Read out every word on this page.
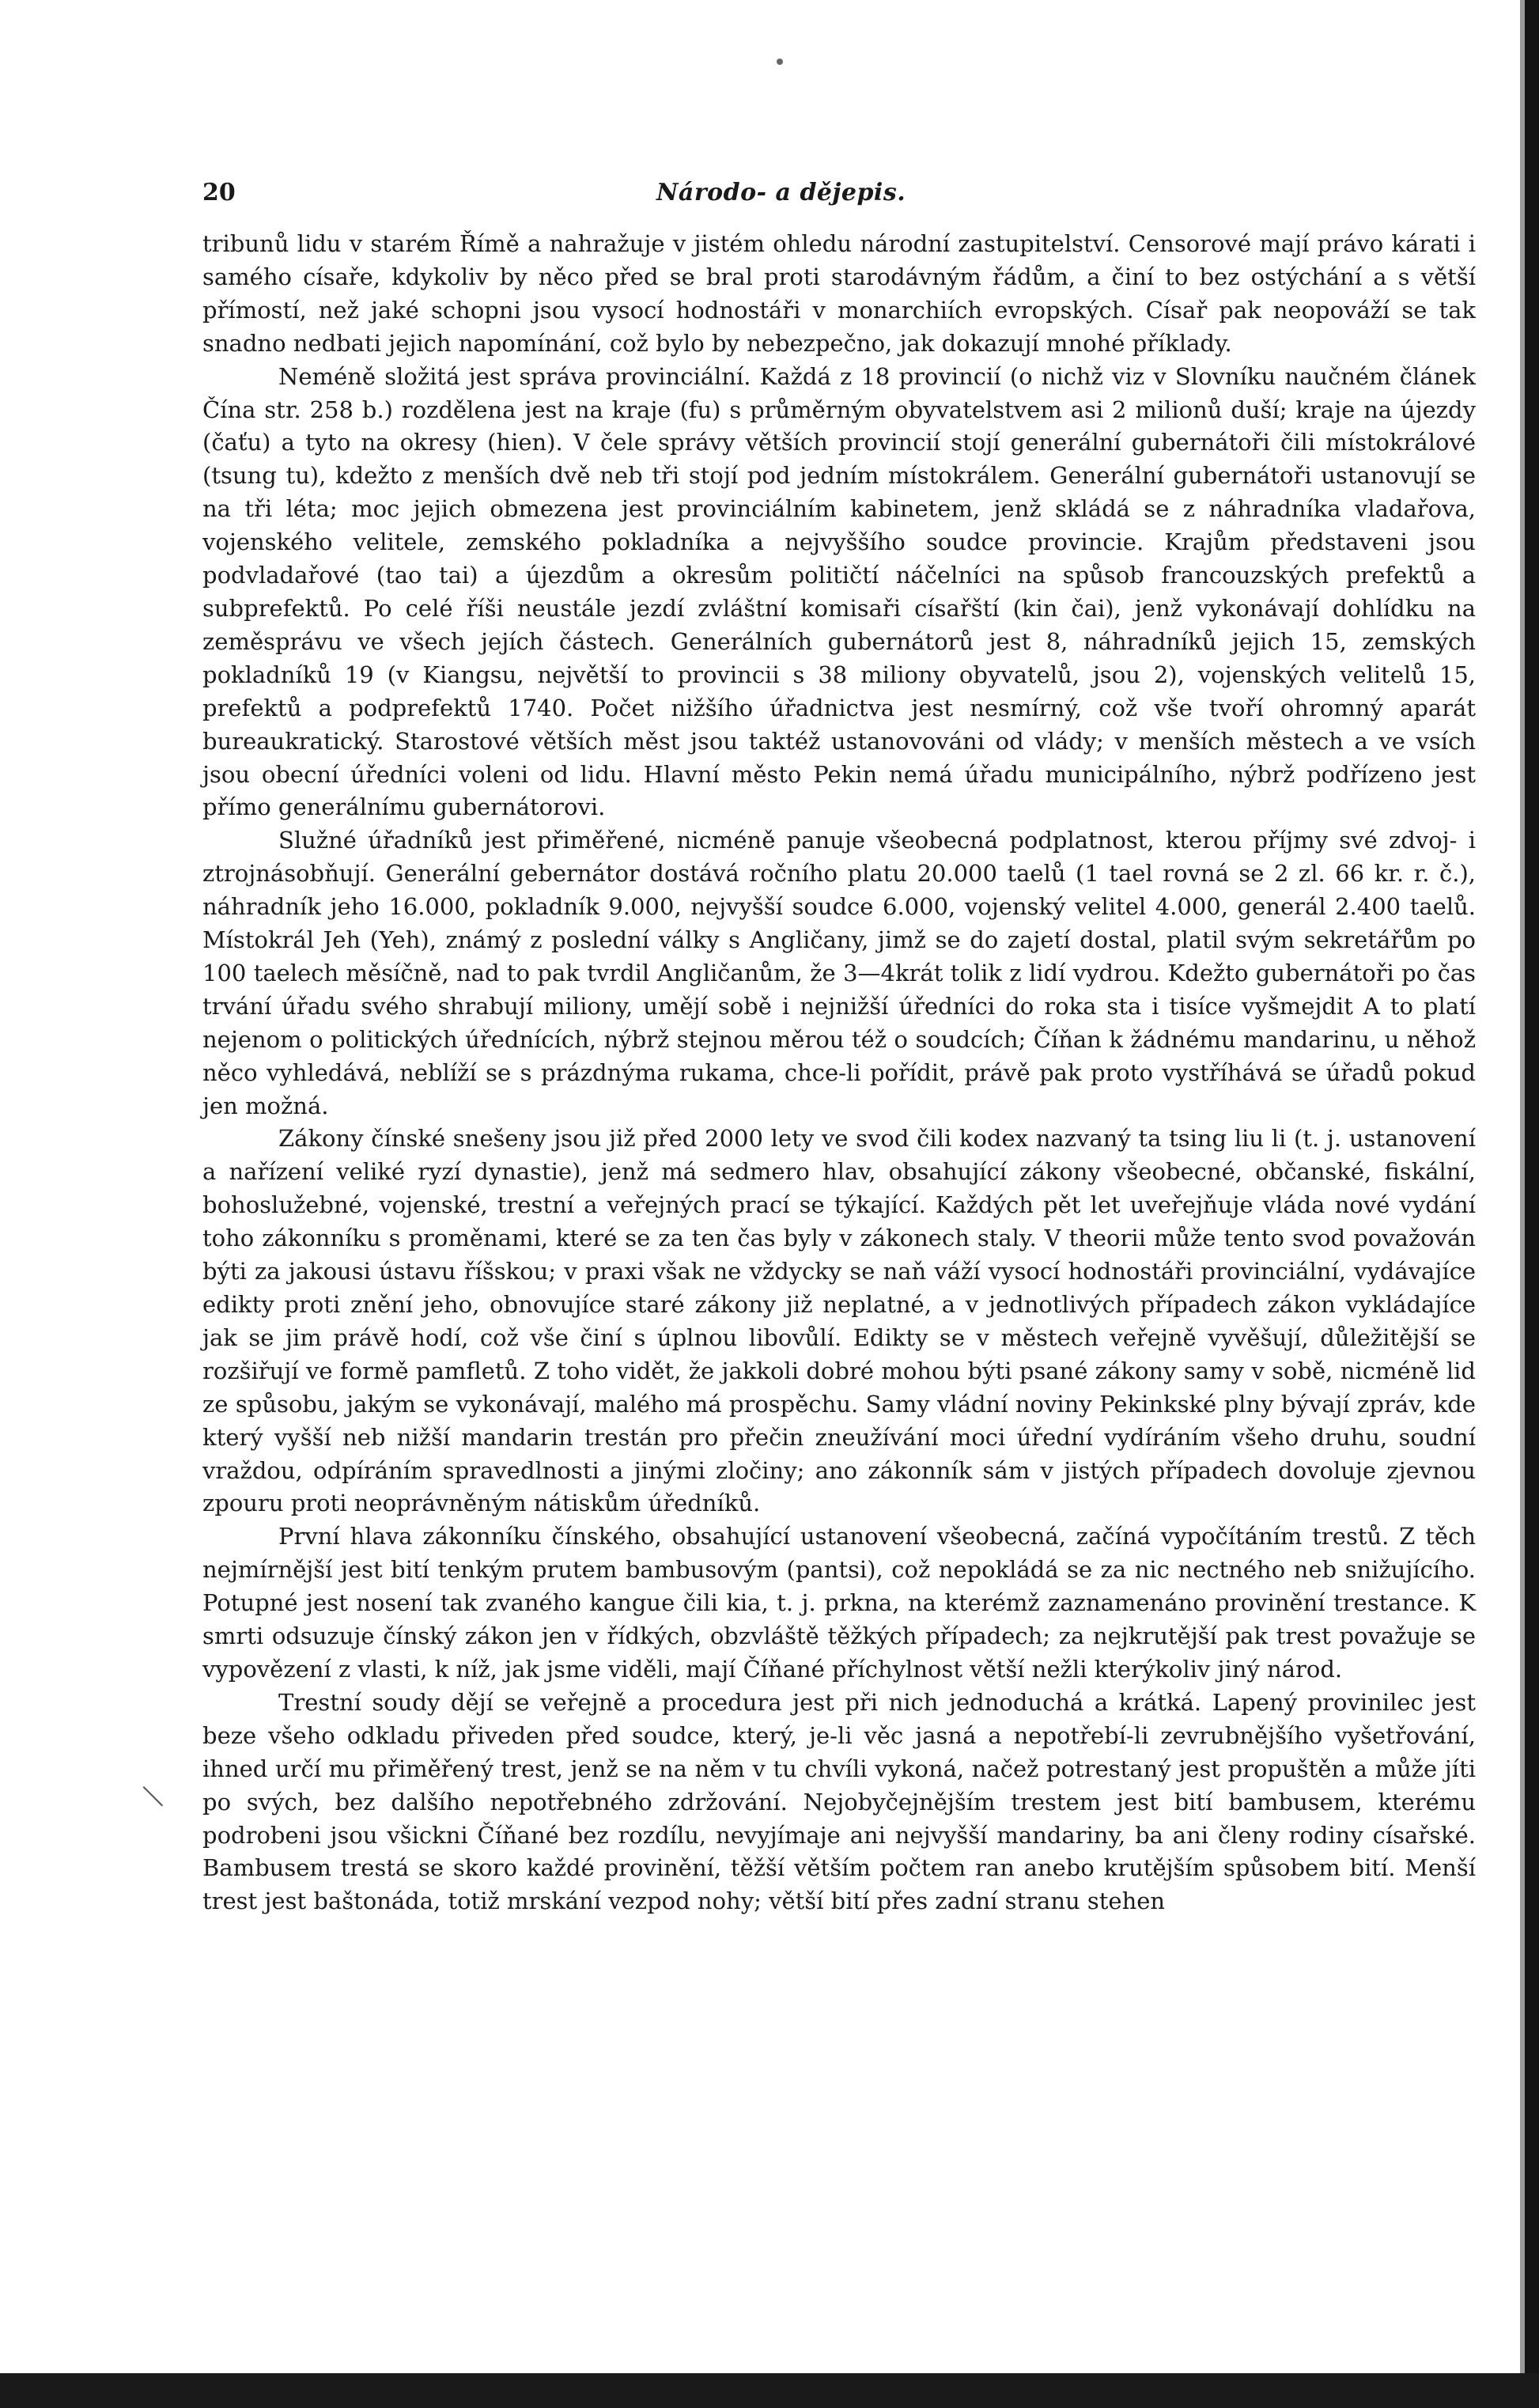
20	Národo- a dějepis.

tribunů lidu v starém Římě a nahražuje v jistém ohledu národní zastupitelství. Censorové mají právo kárati i samého císaře, kdykoliv by něco před se bral proti starodávným řádům, a činí to bez ostýchání a s větší přímostí, než jaké schopni jsou vysocí hodnostáři v monarchiích evropských. Císař pak neopováží se tak snadno nedbati jejich napomínání, což bylo by nebezpečno, jak dokazují mnohé příklady.

Neméně složitá jest správa provinciální. Každá z 18 provincií (o nichž viz v Slovníku naučném článek Čína str. 258 b.) rozdělena jest na kraje (fu) s průměrným obyvatelstvem asi 2 milionů duší; kraje na újezdy (čaťu) a tyto na okresy (hien). V čele správy větších provincií stojí generální gubernátoři čili místokrálové (tsung tu), kdežto z menších dvě neb tři stojí pod jedním místokrálem. Generální gubernátoři ustanovují se na tři léta; moc jejich obmezena jest provinciálním kabinetem, jenž skládá se z náhradníka vladařova, vojenského velitele, zemského pokladníka a nejvyššího soudce provincie. Krajům představeni jsou podvladařové (tao tai) a újezdům a okresům političtí náčelníci na spůsob francouzských prefektů a subprefektů. Po celé říši neustále jezdí zvláštní komisaři císařští (kin čai), jenž vykonávají dohlídku na zeměsprávu ve všech jejích částech. Generálních gubernátorů jest 8, náhradníků jejich 15, zemských pokladníků 19 (v Kiangsu, největší to provincii s 38 miliony obyvatelů, jsou 2), vojenských velitelů 15, prefektů a podprefektů 1740. Počet nižšího úřadnictva jest nesmírný, což vše tvoří ohromný aparát bureaukratický. Starostové větších měst jsou taktéž ustanovováni od vlády; v menších městech a ve vsích jsou obecní úředníci voleni od lidu. Hlavní město Pekin nemá úřadu municipálního, nýbrž podřízeno jest přímo generálnímu gubernátorovi.

Služné úřadníků jest přiměřené, nicméně panuje všeobecná podplatnost, kterou příjmy své zdvoj- i ztrojnásobňují. Generální gebernátor dostává ročního platu 20.000 taelů (1 tael rovná se 2 zl. 66 kr. r. č.), náhradník jeho 16.000, pokladník 9.000, nejvyšší soudce 6.000, vojenský velitel 4.000, generál 2.400 taelů. Místokrál Jeh (Yeh), známý z poslední války s Angličany, jimž se do zajetí dostal, platil svým sekretářům po 100 taelech měsíčně, nad to pak tvrdil Angličanům, že 3—4krát tolik z lidí vydrou. Kdežto gubernátoři po čas trvání úřadu svého shrabují miliony, umějí sobě i nejnižší úředníci do roka sta i tisíce vyšmejdit A to platí nejenom o politických úřednících, nýbrž stejnou měrou též o soudcích; Číňan k žádnému mandarinu, u něhož něco vyhledává, neblíží se s prázdnýma rukama, chce-li pořídit, právě pak proto vystříhává se úřadů pokud jen možná.

Zákony čínské snešeny jsou již před 2000 lety ve svod čili kodex nazvaný ta tsing liu li (t. j. ustanovení a nařízení veliké ryzí dynastie), jenž má sedmero hlav, obsahující zákony všeobecné, občanské, fiskální, bohoslužebné, vojenské, trestní a veřejných prací se týkající. Každých pět let uveřejňuje vláda nové vydání toho zákonníku s proměnami, které se za ten čas byly v zákonech staly. V theorii může tento svod považován býti za jakousi ústavu říšskou; v praxi však ne vždycky se naň váží vysocí hodnostáři provinciální, vydávajíce edikty proti znění jeho, obnovujíce staré zákony již neplatné, a v jednotlivých případech zákon vykládajíce jak se jim právě hodí, což vše činí s úplnou libovůlí. Edikty se v městech veřejně vyvěšují, důležitější se rozšiřují ve formě pamfletů. Z toho vidět, že jakkoli dobré mohou býti psané zákony samy v sobě, nicméně lid ze spůsobu, jakým se vykonávají, malého má prospěchu. Samy vládní noviny Pekinkské plny bývají zpráv, kde který vyšší neb nižší mandarin trestán pro přečin zneužívání moci úřední vydíráním všeho druhu, soudní vraždou, odpíráním spravedlnosti a jinými zločiny; ano zákonník sám v jistých případech dovoluje zjevnou zpouru proti neoprávněným nátiskům úředníků.

První hlava zákonníku čínského, obsahující ustanovení všeobecná, začíná vypočítáním trestů. Z těch nejmírnější jest bití tenkým prutem bambusovým (pantsi), což nepokládá se za nic nectného neb snižujícího. Potupné jest nosení tak zvaného kangue čili kia, t. j. prkna, na kterémž zaznamenáno provinění trestance. K smrti odsuzuje čínský zákon jen v řídkých, obzvláště těžkých případech; za nejkrutější pak trest považuje se vypovězení z vlasti, k níž, jak jsme viděli, mají Číňané příchylnost větší nežli kterýkoliv jiný národ.

Trestní soudy dějí se veřejně a procedura jest při nich jednoduchá a krátká. Lapený provinilec jest beze všeho odkladu přiveden před soudce, který, je-li věc jasná a nepotřebí-li zevrubnějšího vyšetřování, ihned určí mu přiměřený trest, jenž se na něm v tu chvíli vykoná, načež potrestaný jest propuštěn a může jíti po svých, bez dalšího nepotřebného zdržování. Nejobyčejnějším trestem jest bití bambusem, kterému podrobeni jsou všickni Číňané bez rozdílu, nevyjímaje ani nejvyšší mandariny, ba ani členy rodiny císařské. Bambusem trestá se skoro každé provinění, těžší větším počtem ran anebo krutějším spůsobem bití. Menší trest jest baštonáda, totiž mrskání vezpod nohy; větší bití přes zadní stranu stehen
